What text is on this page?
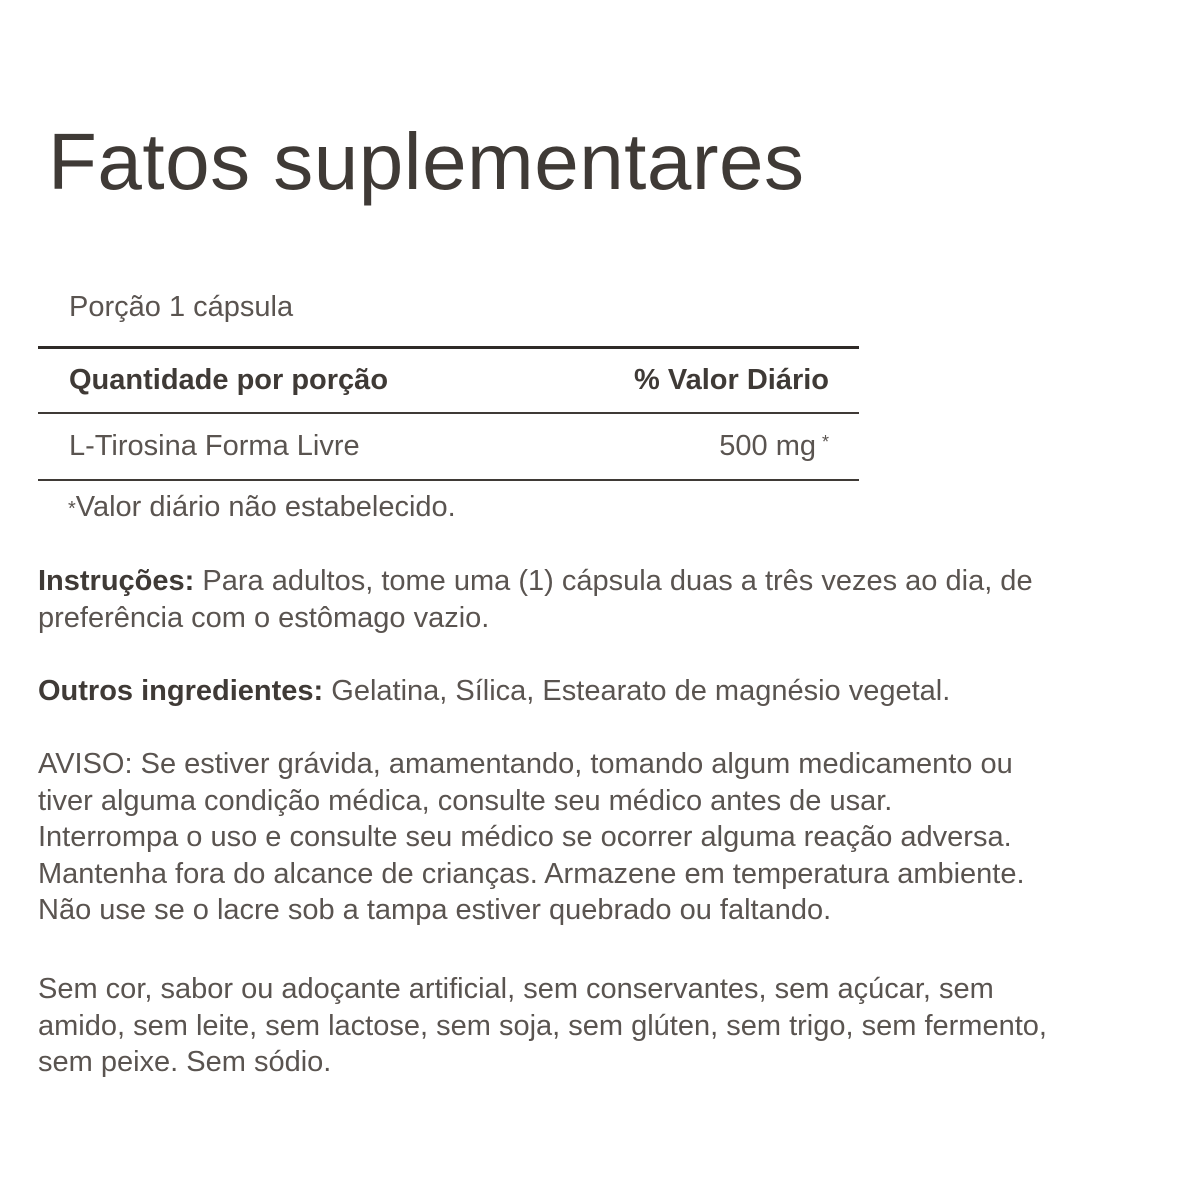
Fatos suplementares
Porção 1 cápsula
Quantidade por porção	% Valor Diário
L-Tirosina Forma Livre	500 mg *
*Valor diário não estabelecido.

Instruções: Para adultos, tome uma (1) cápsula duas a três vezes ao dia, de preferência com o estômago vazio.

Outros ingredientes: Gelatina, Sílica, Estearato de magnésio vegetal.

AVISO: Se estiver grávida, amamentando, tomando algum medicamento ou
tiver alguma condição médica, consulte seu médico antes de usar.
Interrompa o uso e consulte seu médico se ocorrer alguma reação adversa.
Mantenha fora do alcance de crianças. Armazene em temperatura ambiente.
Não use se o lacre sob a tampa estiver quebrado ou faltando.

Sem cor, sabor ou adoçante artificial, sem conservantes, sem açúcar, sem
amido, sem leite, sem lactose, sem soja, sem glúten, sem trigo, sem fermento,
sem peixe. Sem sódio.
